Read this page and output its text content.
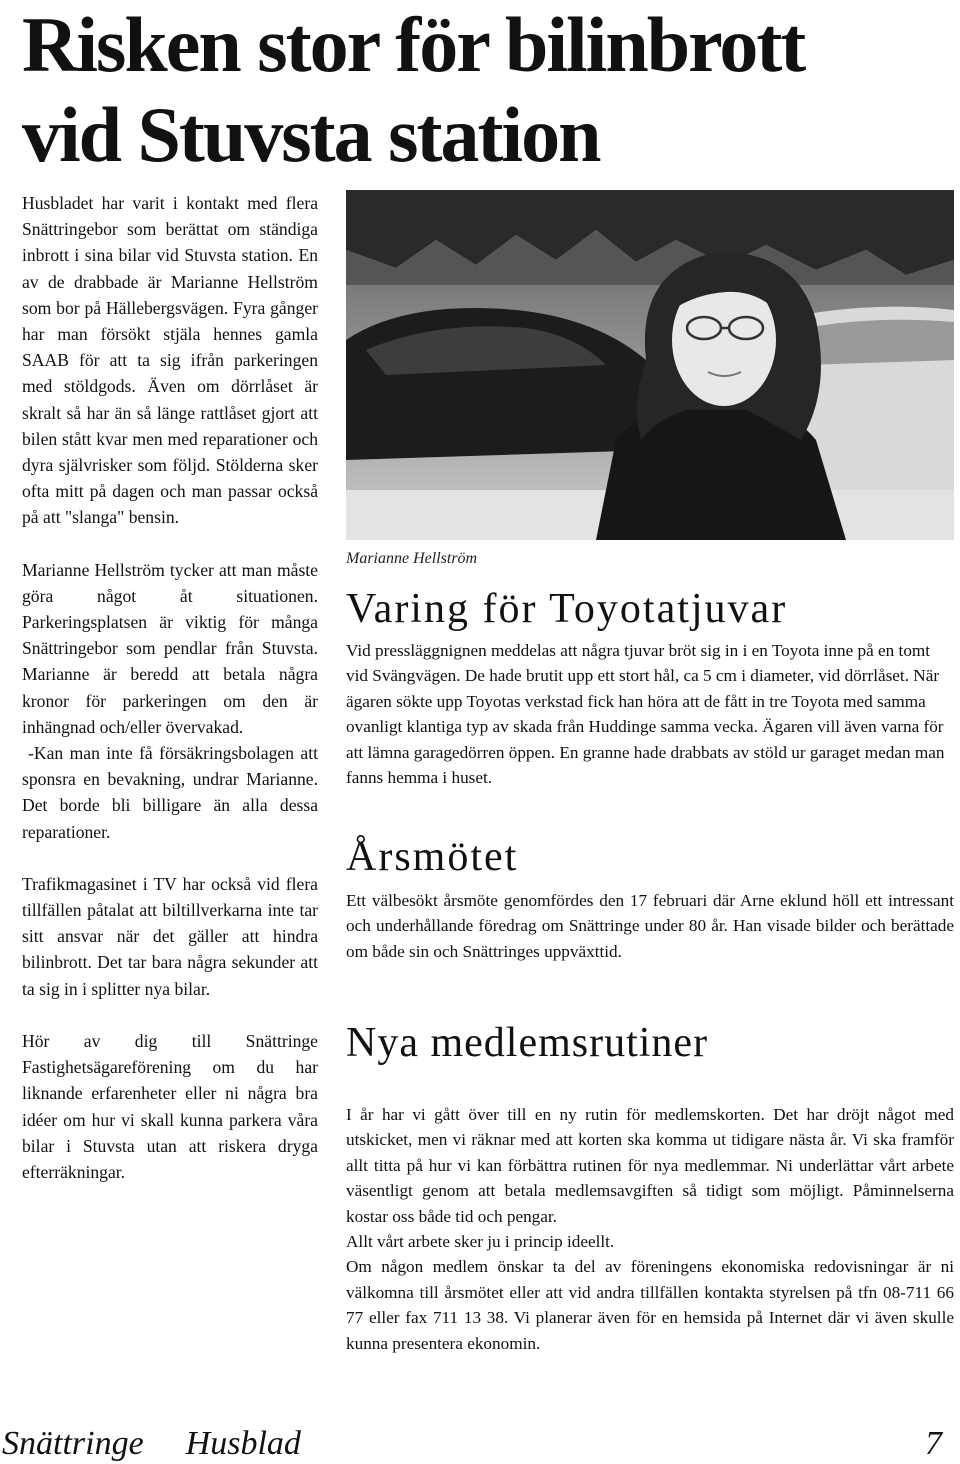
Risken stor för bilinbrott
vid Stuvsta station

Husbladet har varit i kontakt med flera Snättringebor som berättat om ständiga inbrott i sina bilar vid Stuvsta station. En av de drabbade är Marianne Hellström som bor på Hällebergsvägen. Fyra gånger har man försökt stjäla hennes gamla SAAB för att ta sig ifrån parkeringen med stöldgods. Även om dörrlåset är skralt så har än så länge rattlåset gjort att bilen stått kvar men med reparationer och dyra självrisker som följd. Stölderna sker ofta mitt på dagen och man passar också på att "slanga" bensin.

Marianne Hellström tycker att man måste göra något åt situationen. Parkeringsplatsen är viktig för många Snättringebor som pendlar från Stuvsta. Marianne är beredd att betala några kronor för parkeringen om den är inhängnad och/eller övervakad.

-Kan man inte få försäkringsbolagen att sponsra en bevakning, undrar Marianne. Det borde bli billigare än alla dessa reparationer.

Trafikmagasinet i TV har också vid flera tillfällen påtalat att biltillverkarna inte tar sitt ansvar när det gäller att hindra bilinbrott. Det tar bara några sekunder att ta sig in i splitter nya bilar.

Hör av dig till Snättringe Fastighetsägareförening om du har liknande erfarenheter eller ni några bra idéer om hur vi skall kunna parkera våra bilar i Stuvsta utan att riskera dryga efterräkningar.

Marianne Hellström
Varing för Toyotatjuvar

Vid pressläggnignen meddelas att några tjuvar bröt sig in i en Toyota inne på en tomt vid Svängvägen. De hade brutit upp ett stort hål, ca 5 cm i diameter, vid dörrlåset. När ägaren sökte upp Toyotas verkstad fick han höra att de fått in tre Toyota med samma ovanligt klantiga typ av skada från Huddinge samma vecka. Ägaren vill även varna för att lämna garagedörren öppen. En granne hade drabbats av stöld ur garaget medan man fanns hemma i huset.

Årsmötet

Ett välbesökt årsmöte genomfördes den 17 februari där Arne eklund höll ett intressant och underhållande föredrag om Snättringe under 80 år. Han visade bilder och berättade om både sin och Snättringes uppväxttid.

Nya medlemsrutiner

I år har vi gått över till en ny rutin för medlemskorten. Det har dröjt något med utskicket, men vi räknar med att korten ska komma ut tidigare nästa år. Vi ska framför allt titta på hur vi kan förbättra rutinen för nya medlemmar. Ni underlättar vårt arbete väsentligt genom att betala medlemsavgiften så tidigt som möjligt. Påminnelserna kostar oss både tid och pengar.

Allt vårt arbete sker ju i princip ideellt.

Om någon medlem önskar ta del av föreningens ekonomiska redovisningar är ni välkomna till årsmötet eller att vid andra tillfällen kontakta styrelsen på tfn 08-711 66 77 eller fax 711 13 38. Vi planerar även för en hemsida på Internet där vi även skulle kunna presentera ekonomin.

Snättringe Husblad	7
